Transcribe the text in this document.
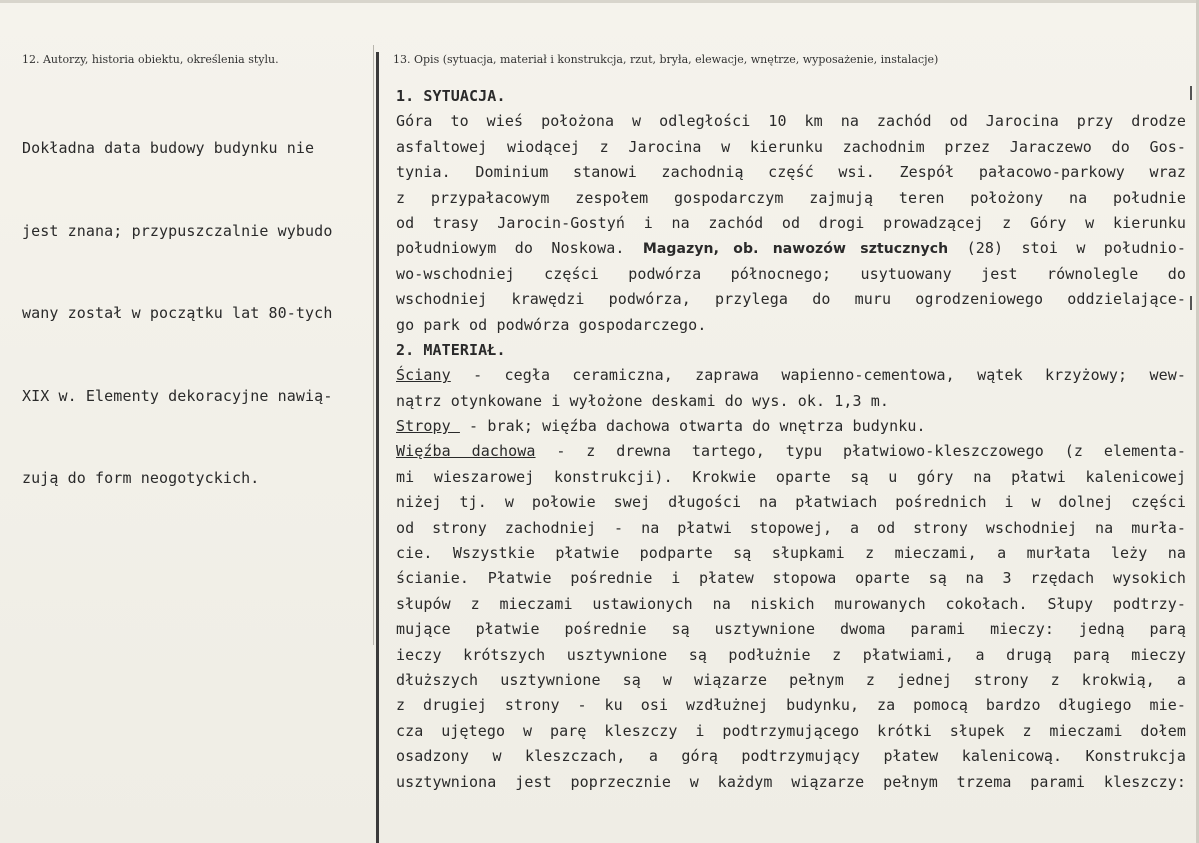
12. Autorzy, historia obiektu, określenia stylu.

Dokładna data budowy budynku nie

jest znana; przypuszczalnie wybudo

wany został w początku lat 80-tych

XIX w. Elementy dekoracyjne nawią-

zują do form neogotyckich.

13. Opis (sytuacja, materiał i konstrukcja, rzut, bryła, elewacje, wnętrze, wyposażenie, instalacje)
1. SYTUACJA.
Góra to wieś położona w odległości 10 km na zachód od Jarocina przy drodze
asfaltowej wiodącej z Jarocina w kierunku zachodnim przez Jaraczewo do Gos-
tynia. Dominium stanowi zachodnią część wsi. Zespół pałacowo-parkowy wraz
z przypałacowym zespołem gospodarczym zajmują teren położony na południe
od trasy Jarocin-Gostyń i na zachód od drogi prowadzącej z Góry w kierunku
południowym do Noskowa. Magazyn, ob. nawozów sztucznych (28) stoi w południo-
wo-wschodniej części podwórza północnego; usytuowany jest równolegle do
wschodniej krawędzi podwórza, przylega do muru ogrodzeniowego oddzielające-
go park od podwórza gospodarczego.
2. MATERIAŁ.
Ściany - cegła ceramiczna, zaprawa wapienno-cementowa, wątek krzyżowy; wew-
nątrz otynkowane i wyłożone deskami do wys. ok. 1,3 m.
Stropy  - brak; więźba dachowa otwarta do wnętrza budynku.
Więźba dachowa - z drewna tartego, typu płatwiowo-kleszczowego (z elementa-
mi wieszarowej konstrukcji). Krokwie oparte są u góry na płatwi kalenicowej
niżej tj. w połowie swej długości na płatwiach pośrednich i w dolnej części
od strony zachodniej - na płatwi stopowej, a od strony wschodniej na murła-
cie. Wszystkie płatwie podparte są słupkami z mieczami, a murłata leży na
ścianie. Płatwie pośrednie i płatew stopowa oparte są na 3 rzędach wysokich
słupów z mieczami ustawionych na niskich murowanych cokołach. Słupy podtrzy-
mujące płatwie pośrednie są usztywnione dwoma parami mieczy: jedną parą
ieczy krótszych usztywnione są podłużnie z płatwiami, a drugą parą mieczy
dłuższych usztywnione są w wiązarze pełnym z jednej strony z krokwią, a
z drugiej strony - ku osi wzdłużnej budynku, za pomocą bardzo długiego mie-
cza ujętego w parę kleszczy i podtrzymującego krótki słupek z mieczami dołem
osadzony w kleszczach, a górą podtrzymujący płatew kalenicową. Konstrukcja
usztywniona jest poprzecznie w każdym wiązarze pełnym trzema parami kleszczy:
